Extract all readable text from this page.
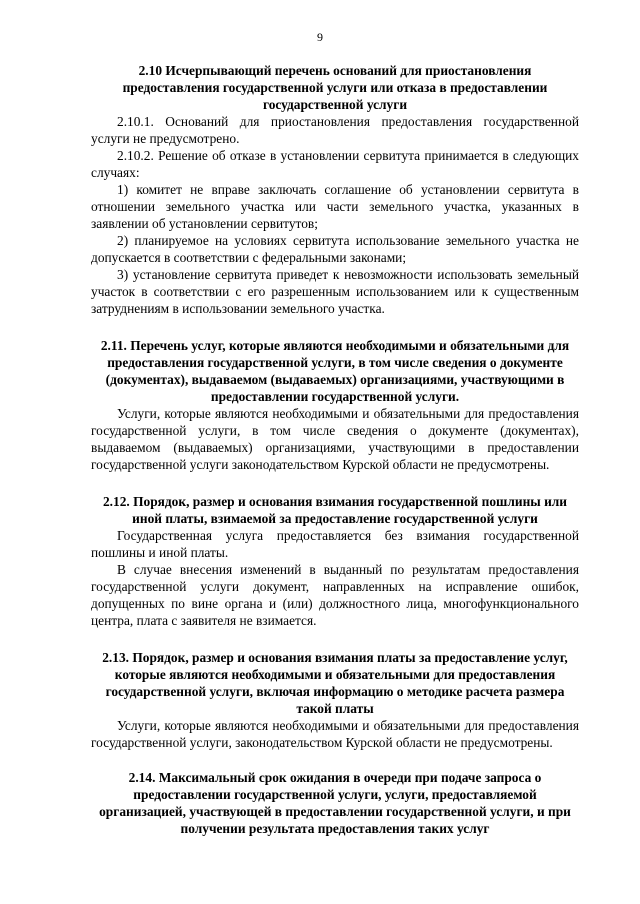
9

2.10 Исчерпывающий перечень оснований для приостановления предоставления государственной услуги или отказа в предоставлении государственной услуги

2.10.1. Оснований для приостановления предоставления государственной услуги не предусмотрено.

2.10.2. Решение об отказе в установлении сервитута принимается в следующих случаях:

1) комитет не вправе заключать соглашение об установлении сервитута в отношении земельного участка или части земельного участка, указанных в заявлении об установлении сервитутов;

2) планируемое на условиях сервитута использование земельного участка не допускается в соответствии с федеральными законами;

3) установление сервитута приведет к невозможности использовать земельный участок в соответствии с его разрешенным использованием или к существенным затруднениям в использовании земельного участка.

2.11. Перечень услуг, которые являются необходимыми и обязательными для предоставления государственной услуги, в том числе сведения о документе (документах), выдаваемом (выдаваемых) организациями, участвующими в предоставлении государственной услуги.

Услуги, которые являются необходимыми и обязательными для предоставления государственной услуги, в том числе сведения о документе (документах), выдаваемом (выдаваемых) организациями, участвующими в предоставлении государственной услуги законодательством Курской области не предусмотрены.

2.12. Порядок, размер и основания взимания государственной пошлины или иной платы, взимаемой за предоставление государственной услуги

Государственная услуга предоставляется без взимания государственной пошлины и иной платы.

В случае внесения изменений в выданный по результатам предоставления государственной услуги документ, направленных на исправление ошибок, допущенных по вине органа и (или) должностного лица, многофункционального центра, плата с заявителя не взимается.

2.13. Порядок, размер и основания взимания платы за предоставление услуг, которые являются необходимыми и обязательными для предоставления государственной услуги, включая информацию о методике расчета размера такой платы

Услуги, которые являются необходимыми и обязательными для предоставления государственной услуги, законодательством Курской области не предусмотрены.

2.14. Максимальный срок ожидания в очереди при подаче запроса о предоставлении государственной услуги, услуги, предоставляемой организацией, участвующей в предоставлении государственной услуги, и при получении результата предоставления таких услуг
